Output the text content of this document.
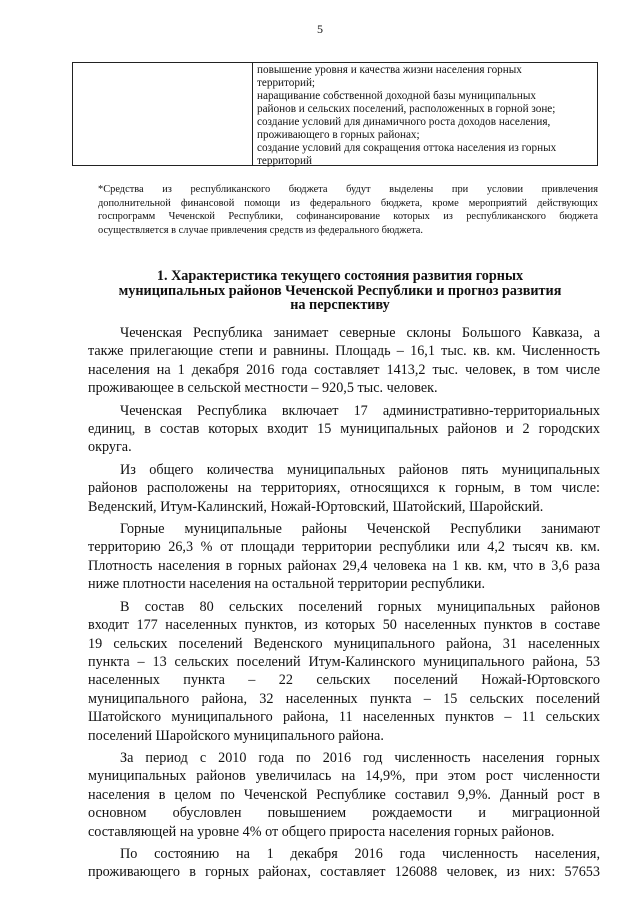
5
повышение уровня и качества жизни населения горных
территорий;
наращивание собственной доходной базы муниципальных
районов и сельских поселений, расположенных в горной зоне;
создание условий для динамичного роста доходов населения,
проживающего в горных районах;
создание условий для сокращения оттока населения из горных
территорий
*Средства из республиканского бюджета будут выделены при условии привлечения
дополнительной финансовой помощи из федерального бюджета, кроме мероприятий действующих
госпрограмм Чеченской Республики, софинансирование которых из республиканского бюджета
осуществляется в случае привлечения средств из федерального бюджета.
1. Характеристика текущего состояния развития горных
муниципальных районов Чеченской Республики и прогноз развития
на перспективу
Чеченская Республика занимает северные склоны Большого Кавказа, а
также прилегающие степи и равнины. Площадь – 16,1 тыс. кв. км. Численность
населения на 1 декабря 2016 года составляет 1413,2 тыс. человек, в том числе
проживающее в сельской местности – 920,5 тыс. человек.
Чеченская Республика включает 17 административно-территориальных
единиц, в состав которых входит 15 муниципальных районов и 2 городских
округа.
Из общего количества муниципальных районов пять муниципальных
районов расположены на территориях, относящихся к горным, в том числе:
Веденский, Итум-Калинский, Ножай-Юртовский, Шатойский, Шаройский.
Горные муниципальные районы Чеченской Республики занимают
территорию 26,3 % от площади территории республики или 4,2 тысяч кв. км.
Плотность населения в горных районах 29,4 человека на 1 кв. км, что в 3,6 раза
ниже плотности населения на остальной территории республики.
В состав 80 сельских поселений горных муниципальных районов
входит 177 населенных пунктов, из которых 50 населенных пунктов в составе
19 сельских поселений Веденского муниципального района, 31 населенных
пункта – 13 сельских поселений Итум-Калинского муниципального района, 53
населенных пункта – 22 сельских поселений Ножай-Юртовского
муниципального района, 32 населенных пункта – 15 сельских поселений
Шатойского муниципального района, 11 населенных пунктов – 11 сельских
поселений Шаройского муниципального района.
За период с 2010 года по 2016 год численность населения горных
муниципальных районов увеличилась на 14,9%, при этом рост численности
населения в целом по Чеченской Республике составил 9,9%. Данный рост в
основном обусловлен повышением рождаемости и миграционной
составляющей на уровне 4% от общего прироста населения горных районов.
По состоянию на 1 декабря 2016 года численность населения,
проживающего в горных районах, составляет 126088 человек, из них: 57653
